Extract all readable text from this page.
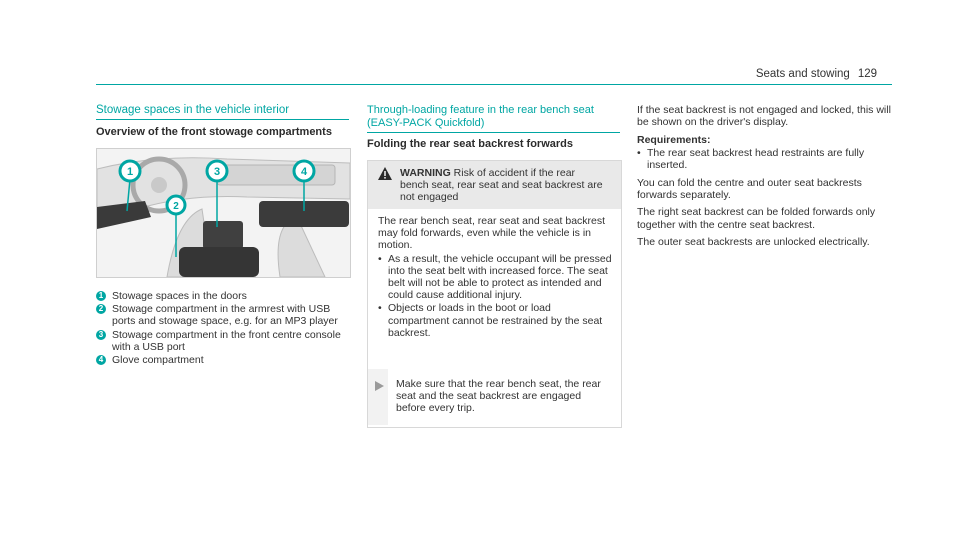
Seats and stowing 129
Stowage spaces in the vehicle interior
Overview of the front stowage compartments
1
2
3	4
1 Stowage spaces in the doors
2 Stowage compartment in the armrest with USB ports and stowage space, e.g. for an MP3 player
3 Stowage compartment in the front centre console with a USB port
4 Glove compartment
Through-loading feature in the rear bench seat
(EASY-PACK Quickfold)
Folding the rear seat backrest forwards
WARNING Risk of accident if the rear bench seat, rear seat and seat backrest are not engaged
The rear bench seat, rear seat and seat backrest may fold forwards, even while the vehicle is in motion.
• As a result, the vehicle occupant will be pressed into the seat belt with increased force. The seat belt will not be able to protect as intended and could cause additional injury.
• Objects or loads in the boot or load compartment cannot be restrained by the seat backrest.
Make sure that the rear bench seat, the rear seat and the seat backrest are engaged before every trip.
If the seat backrest is not engaged and locked, this will be shown on the driver's display.
Requirements:
• The rear seat backrest head restraints are fully inserted.
You can fold the centre and outer seat backrests forwards separately.
The right seat backrest can be folded forwards only together with the centre seat backrest.
The outer seat backrests are unlocked electrically.
